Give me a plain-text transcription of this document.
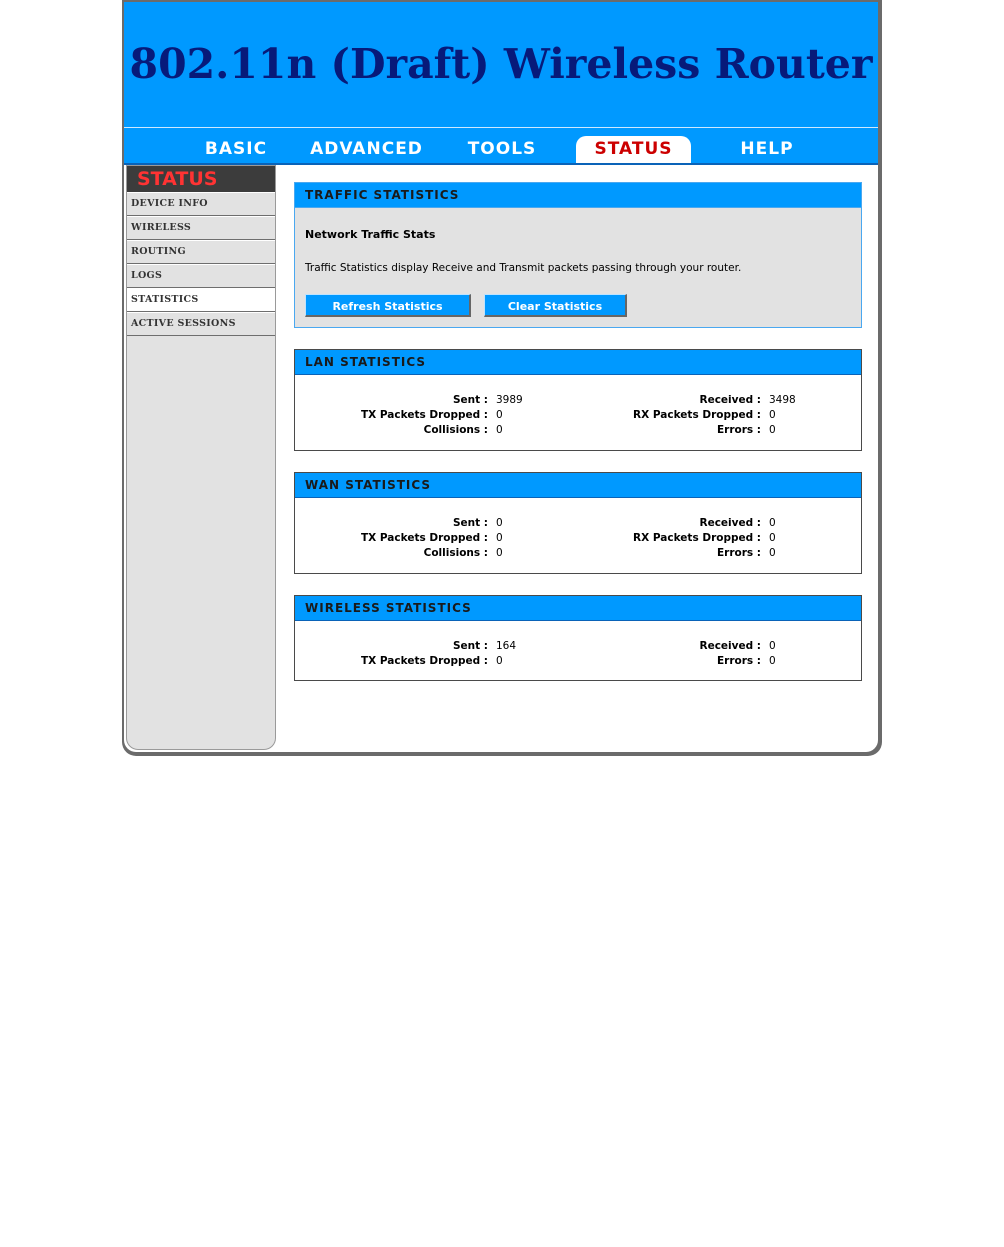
802.11n (Draft) Wireless Router
BASIC	ADVANCED	TOOLS	STATUS	HELP
STATUS
DEVICE INFO
WIRELESS
ROUTING
LOGS
STATISTICS
ACTIVE SESSIONS
TRAFFIC STATISTICS
Network Traffic Stats
Traffic Statistics display Receive and Transmit packets passing through your router.
Refresh Statistics	Clear Statistics
LAN STATISTICS
Sent : 3989	Received : 3498
TX Packets Dropped : 0	RX Packets Dropped : 0
Collisions : 0	Errors : 0
WAN STATISTICS
Sent : 0	Received : 0
TX Packets Dropped : 0	RX Packets Dropped : 0
Collisions : 0	Errors : 0
WIRELESS STATISTICS
Sent : 164	Received : 0
TX Packets Dropped : 0	Errors : 0
